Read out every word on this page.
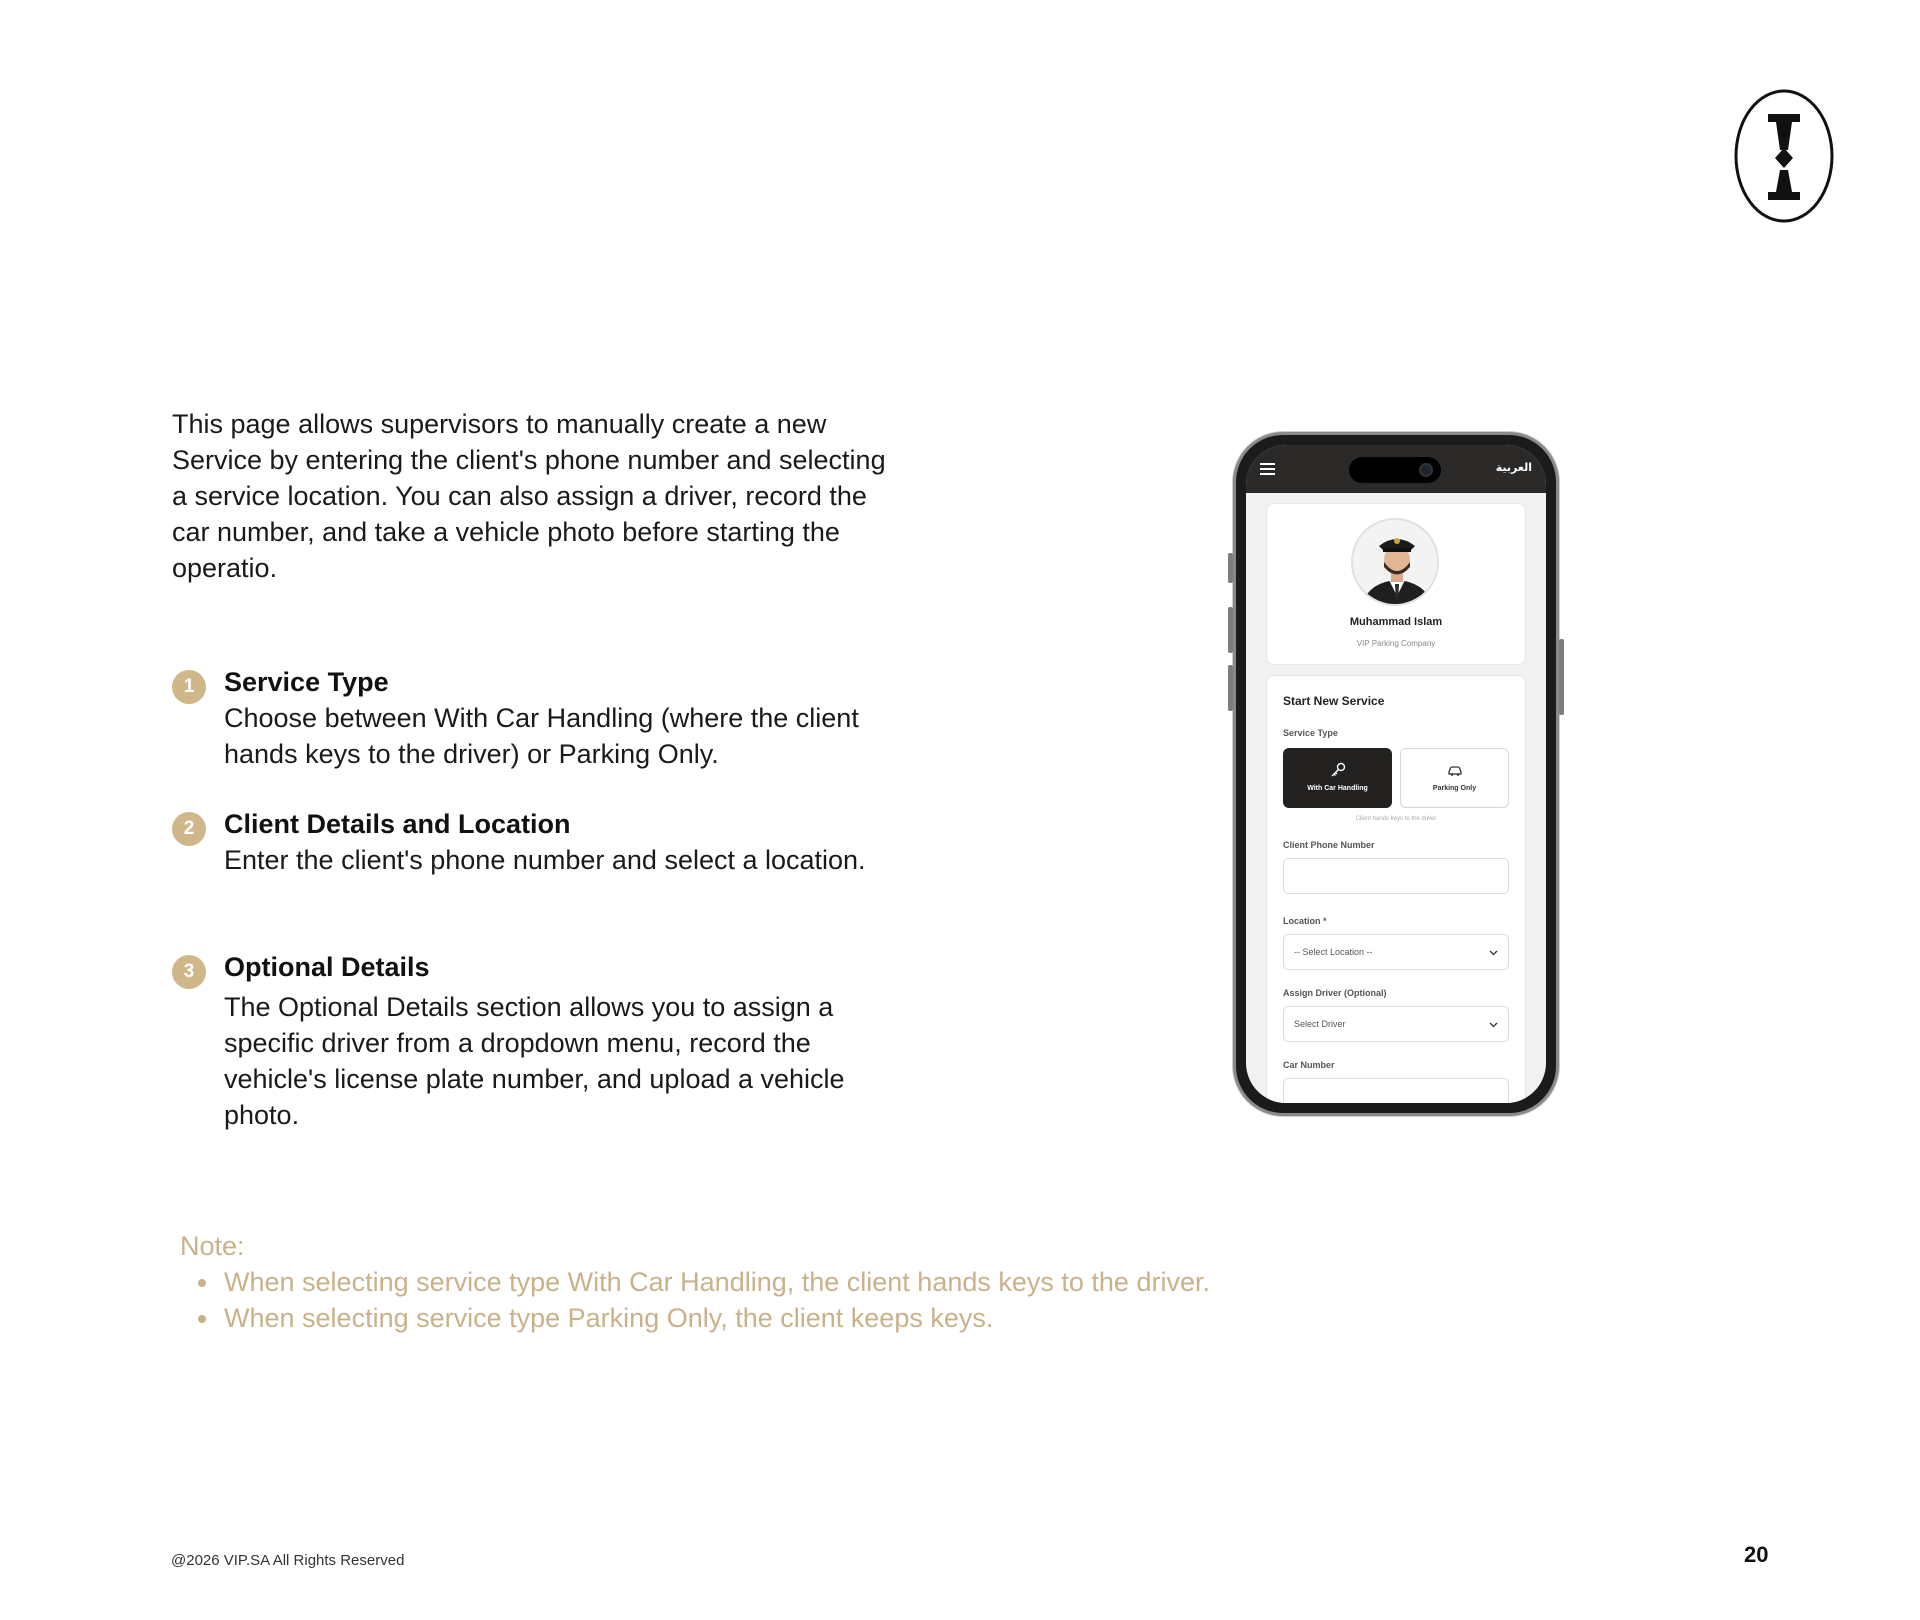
This page allows supervisors to manually create a new Service by entering the client's phone number and selecting a service location. You can also assign a driver, record the car number, and take a vehicle photo before starting the operatio.

1	Service Type

Choose between With Car Handling (where the client hands keys to the driver) or Parking Only.

2	Client Details and Location

Enter the client's phone number and select a location.

3	Optional Details

The Optional Details section allows you to assign a specific driver from a dropdown menu, record the vehicle's license plate number, and upload a vehicle photo.

Note:
When selecting service type With Car Handling, the client hands keys to the driver.
When selecting service type Parking Only, the client keeps keys.
العربية
Muhammad Islam
VIP Parking Company
Start New Service
Service Type
With Car Handling	Parking Only
Client hands keys to the driver
Client Phone Number
Location *
-- Select Location --
Assign Driver (Optional)
Select Driver
Car Number
@2026 VIP.SA All Rights Reserved	20
